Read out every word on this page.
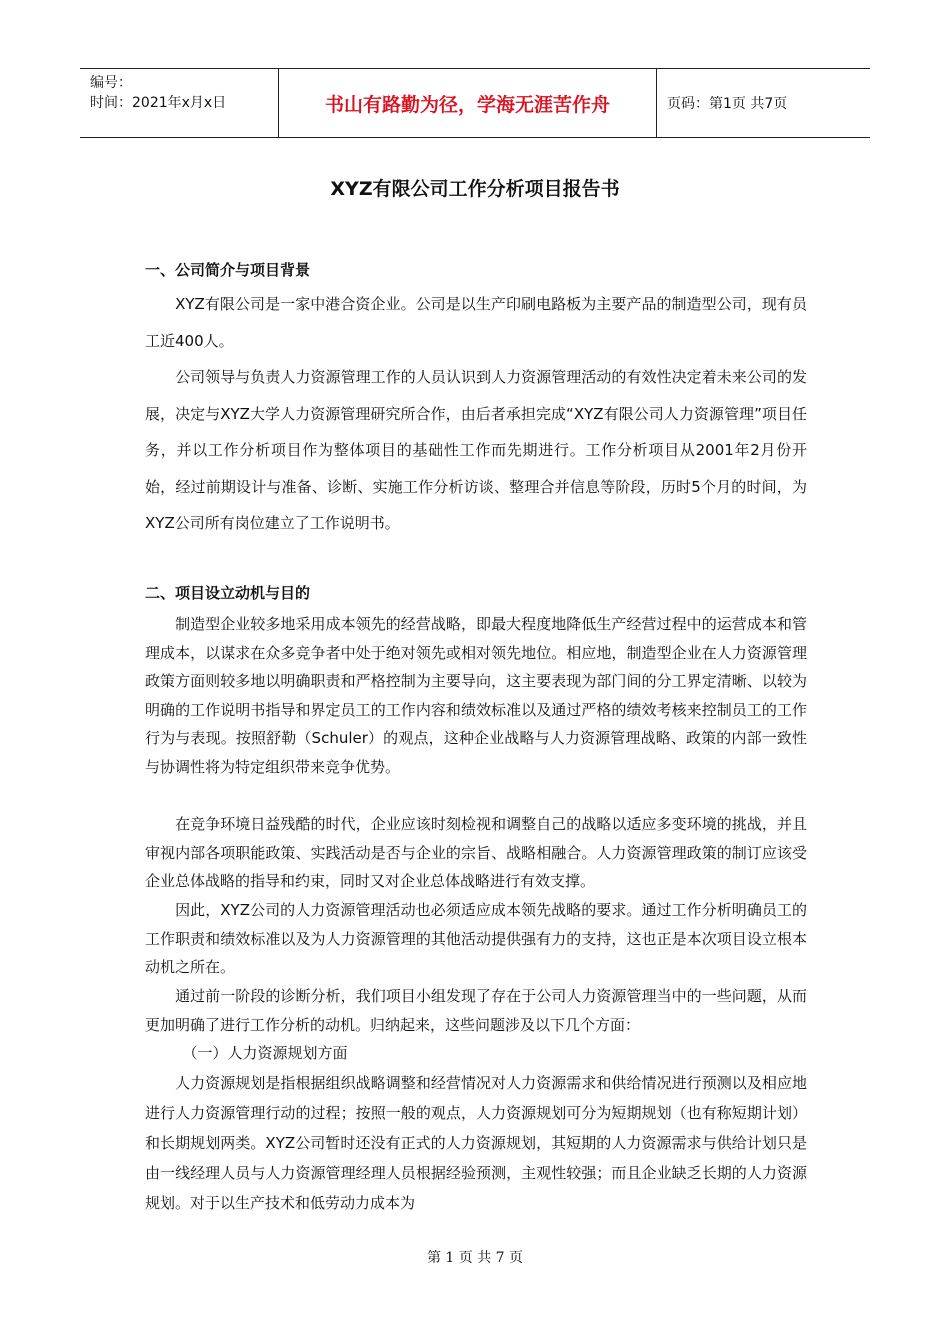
编号：
时间：2021年x月x日	书山有路勤为径，学海无涯苦作舟	页码：第1页 共7页
XYZ有限公司工作分析项目报告书
一、公司简介与项目背景
　　XYZ有限公司是一家中港合资企业。公司是以生产印刷电路板为主要产品的制造型公司，现有员工近400人。
　　公司领导与负责人力资源管理工作的人员认识到人力资源管理活动的有效性决定着未来公司的发展，决定与XYZ大学人力资源管理研究所合作，由后者承担完成“XYZ有限公司人力资源管理”项目任务，并以工作分析项目作为整体项目的基础性工作而先期进行。工作分析项目从2001年2月份开始，经过前期设计与准备、诊断、实施工作分析访谈、整理合并信息等阶段，历时5个月的时间，为XYZ公司所有岗位建立了工作说明书。
二、项目设立动机与目的
　　制造型企业较多地采用成本领先的经营战略，即最大程度地降低生产经营过程中的运营成本和管理成本，以谋求在众多竞争者中处于绝对领先或相对领先地位。相应地，制造型企业在人力资源管理政策方面则较多地以明确职责和严格控制为主要导向，这主要表现为部门间的分工界定清晰、以较为明确的工作说明书指导和界定员工的工作内容和绩效标准以及通过严格的绩效考核来控制员工的工作行为与表现。按照舒勒（Schuler）的观点，这种企业战略与人力资源管理战略、政策的内部一致性与协调性将为特定组织带来竞争优势。
　　在竞争环境日益残酷的时代，企业应该时刻检视和调整自己的战略以适应多变环境的挑战，并且审视内部各项职能政策、实践活动是否与企业的宗旨、战略相融合。人力资源管理政策的制订应该受企业总体战略的指导和约束，同时又对企业总体战略进行有效支撑。
　　因此，XYZ公司的人力资源管理活动也必须适应成本领先战略的要求。通过工作分析明确员工的工作职责和绩效标准以及为人力资源管理的其他活动提供强有力的支持，这也正是本次项目设立根本动机之所在。
　　通过前一阶段的诊断分析，我们项目小组发现了存在于公司人力资源管理当中的一些问题，从而更加明确了进行工作分析的动机。归纳起来，这些问题涉及以下几个方面：
　　　（一）人力资源规划方面
　　人力资源规划是指根据组织战略调整和经营情况对人力资源需求和供给情况进行预测以及相应地进行人力资源管理行动的过程；按照一般的观点，人力资源规划可分为短期规划（也有称短期计划）和长期规划两类。XYZ公司暂时还没有正式的人力资源规划，其短期的人力资源需求与供给计划只是由一线经理人员与人力资源管理经理人员根据经验预测，主观性较强；而且企业缺乏长期的人力资源规划。对于以生产技术和低劳动力成本为
第 1 页 共 7 页
